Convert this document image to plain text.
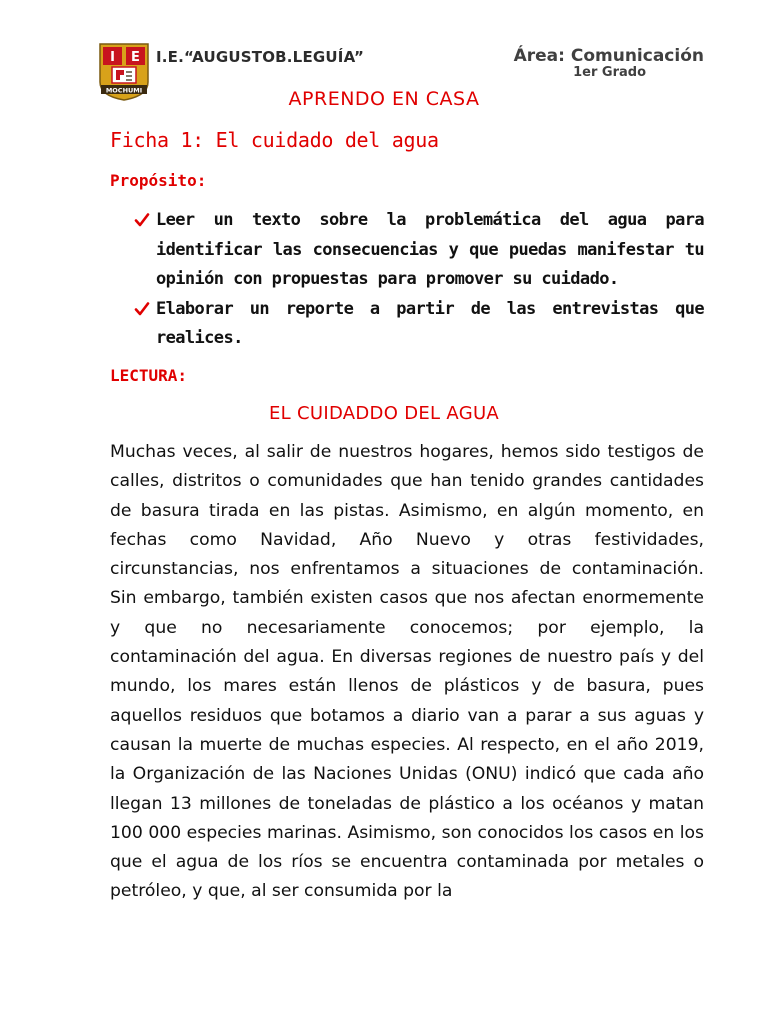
I E
MOCHUMI
I.E.“AUGUSTOB.LEGUÍA”	Área: Comunicación
1er Grado
APRENDO EN CASA
Ficha 1: El cuidado del agua
Propósito:
Leer un texto sobre la problemática del agua para identificar las consecuencias y que puedas manifestar tu opinión con propuestas para promover su cuidado.
Elaborar un reporte a partir de las entrevistas que realices.
LECTURA:
EL CUIDADDO DEL AGUA

Muchas veces, al salir de nuestros hogares, hemos sido testigos de calles, distritos o comunidades que han tenido grandes cantidades de basura tirada en las pistas. Asimismo, en algún momento, en fechas como Navidad, Año Nuevo y otras festividades, circunstancias, nos enfrentamos a situaciones de contaminación. Sin embargo, también existen casos que nos afectan enormemente y que no necesariamente conocemos; por ejemplo, la contaminación del agua. En diversas regiones de nuestro país y del mundo, los mares están llenos de plásticos y de basura, pues aquellos residuos que botamos a diario van a parar a sus aguas y causan la muerte de muchas especies. Al respecto, en el año 2019, la Organización de las Naciones Unidas (ONU) indicó que cada año llegan 13 millones de toneladas de plástico a los océanos y matan 100 000 especies marinas. Asimismo, son conocidos los casos en los que el agua de los ríos se encuentra contaminada por metales o petróleo, y que, al ser consumida por la
